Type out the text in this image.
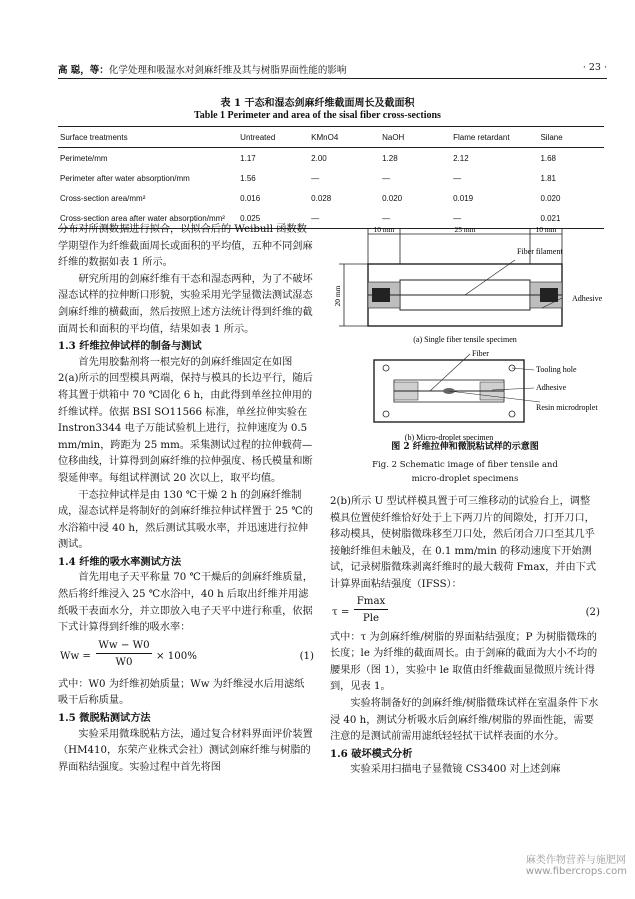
高 聪，等：化学处理和吸湿水对剑麻纤维及其与树脂界面性能的影响	· 23 ·
表 1 干态和湿态剑麻纤维截面周长及截面积
Table 1 Perimeter and area of the sisal fiber cross-sections
Surface treatments	Untreated	KMnO4	NaOH	Flame retardant	Silane
Perimete/mm	1.17	2.00	1.28	2.12	1.68
Perimeter after water absorption/mm	1.56	—	—	—	1.81
Cross-section area/mm²	0.016	0.028	0.020	0.019	0.020
Cross-section area after water absorption/mm²	0.025	—	—	—	0.021

分布对所测数据进行拟合，以拟合后的 Weibull 函数数学期望作为纤维截面周长或面积的平均值，五种不同剑麻纤维的数据如表 1 所示。

研究所用的剑麻纤维有干态和湿态两种，为了不破坏湿态试样的拉伸断口形貌，实验采用光学显微法测试湿态剑麻纤维的横截面，然后按照上述方法统计得到纤维的截面周长和面积的平均值，结果如表 1 所示。

1.3 纤维拉伸试样的制备与测试

首先用胶黏剂将一根完好的剑麻纤维固定在如图 2(a)所示的回型模具两端，保持与模具的长边平行，随后将其置于烘箱中 70 ℃固化 6 h，由此得到单丝拉伸用的纤维试样。依据 BSI SO11566 标准，单丝拉伸实验在 Instron3344 电子万能试验机上进行，拉伸速度为 0.5 mm/min，跨距为 25 mm。采集测试过程的拉伸载荷—位移曲线，计算得到剑麻纤维的拉伸强度、杨氏模量和断裂延伸率。每组试样测试 20 次以上，取平均值。

干态拉伸试样是由 130 ℃干燥 2 h 的剑麻纤维制成，湿态试样是将制好的剑麻纤维拉伸试样置于 25 ℃的水浴箱中浸 40 h，然后测试其吸水率，并迅速进行拉伸测试。

1.4 纤维的吸水率测试方法

首先用电子天平称量 70 ℃干燥后的剑麻纤维质量，然后将纤维浸入 25 ℃水浴中，40 h 后取出纤维并用滤纸吸干表面水分，并立即放入电子天平中进行称重，依据下式计算得到纤维的吸水率：

Ww =
Ww − W0
W0
× 100%	(1)

式中：W0 为纤维初始质量；Ww 为纤维浸水后用滤纸吸干后称质量。

1.5 微脱粘测试方法

实验采用微珠脱粘方法，通过复合材料界面评价装置（HM410，东荣产业株式会社）测试剑麻纤维与树脂的界面粘结强度。实验过程中首先将图

10 mm	25 mm	10 mm
20 mm
Fiber filament
Adhesive
(a) Single fiber tensile specimen
Fiber
Tooling hole
Adhesive
Resin microdroplet
(b) Micro-droplet specimen
图 2 纤维拉伸和微脱粘试样的示意图
Fig. 2 Schematic image of fiber tensile and
micro-droplet specimens

2(b)所示 U 型试样模具置于可三维移动的试验台上，调整模具位置使纤维恰好处于上下两刀片的间隙处，打开刀口，移动模具，使树脂微珠移至刀口处，然后闭合刀口至其几乎接触纤维但未触及，在 0.1 mm/min 的移动速度下开始测试，记录树脂微珠剥离纤维时的最大载荷 Fmax，并由下式计算界面粘结强度（IFSS）：

τ =
Fmax
Ple
(2)

式中：τ 为剑麻纤维/树脂的界面粘结强度；P 为树脂微珠的长度；le 为纤维的截面周长。由于剑麻的截面为大小不均的腰果形（图 1），实验中 le 取值由纤维截面显微照片统计得到，见表 1。

实验将制备好的剑麻纤维/树脂微珠试样在室温条件下水浸 40 h，测试分析吸水后剑麻纤维/树脂的界面性能，需要注意的是测试前需用滤纸轻轻拭干试样表面的水分。

1.6 破坏模式分析

实验采用扫描电子显微镜 CS3400 对上述剑麻

麻类作物营养与施肥网
www.fibercrops.com
